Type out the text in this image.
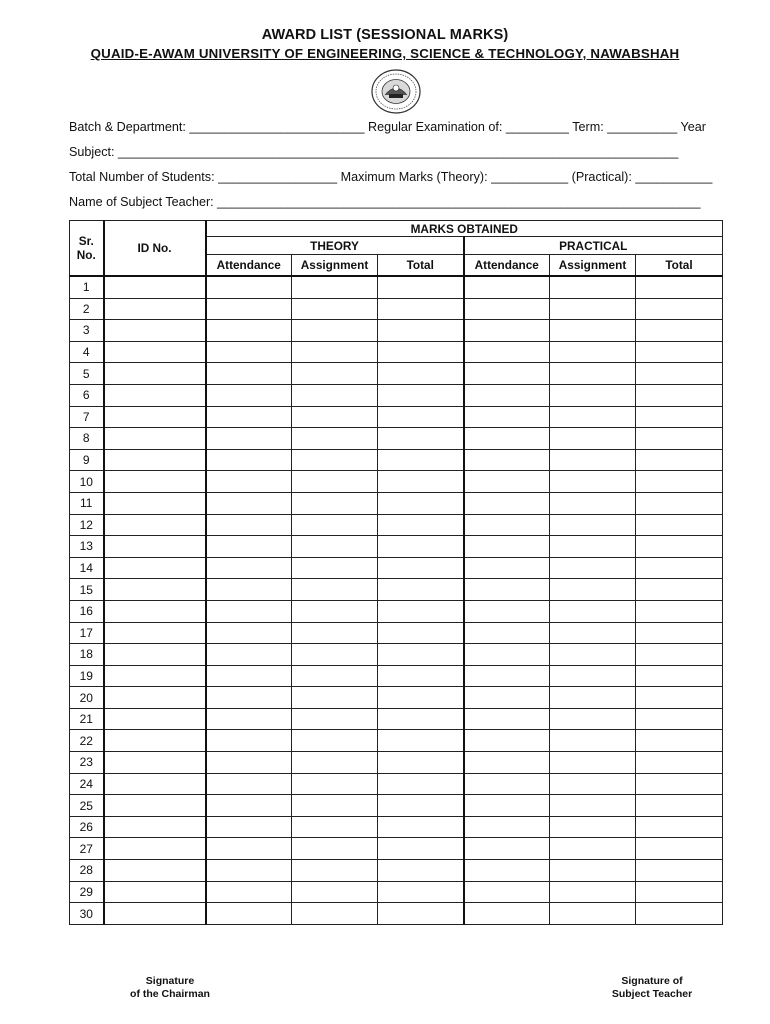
AWARD LIST (SESSIONAL MARKS)
QUAID-E-AWAM UNIVERSITY OF ENGINEERING, SCIENCE & TECHNOLOGY, NAWABSHAH
Batch & Department: _________________________ Regular Examination of: _________ Term: __________ Year
Subject: ________________________________________________________________________________
Total Number of Students: _________________ Maximum Marks (Theory): ___________ (Practical): ___________
Name of Subject Teacher: _____________________________________________________________________
Sr.
No.	ID No.	MARKS OBTAINED					
		THEORY			PRACTICAL		
		Attendance	Assignment	Total	Attendance	Assignment	Total
1							
2							
3							
4							
5							
6							
7							
8							
9							
10							
11							
12							
13							
14							
15							
16							
17							
18							
19							
20							
21							
22							
23							
24							
25							
26							
27							
28							
29							
30							
Signature
of the Chairman
Signature of
Subject Teacher
